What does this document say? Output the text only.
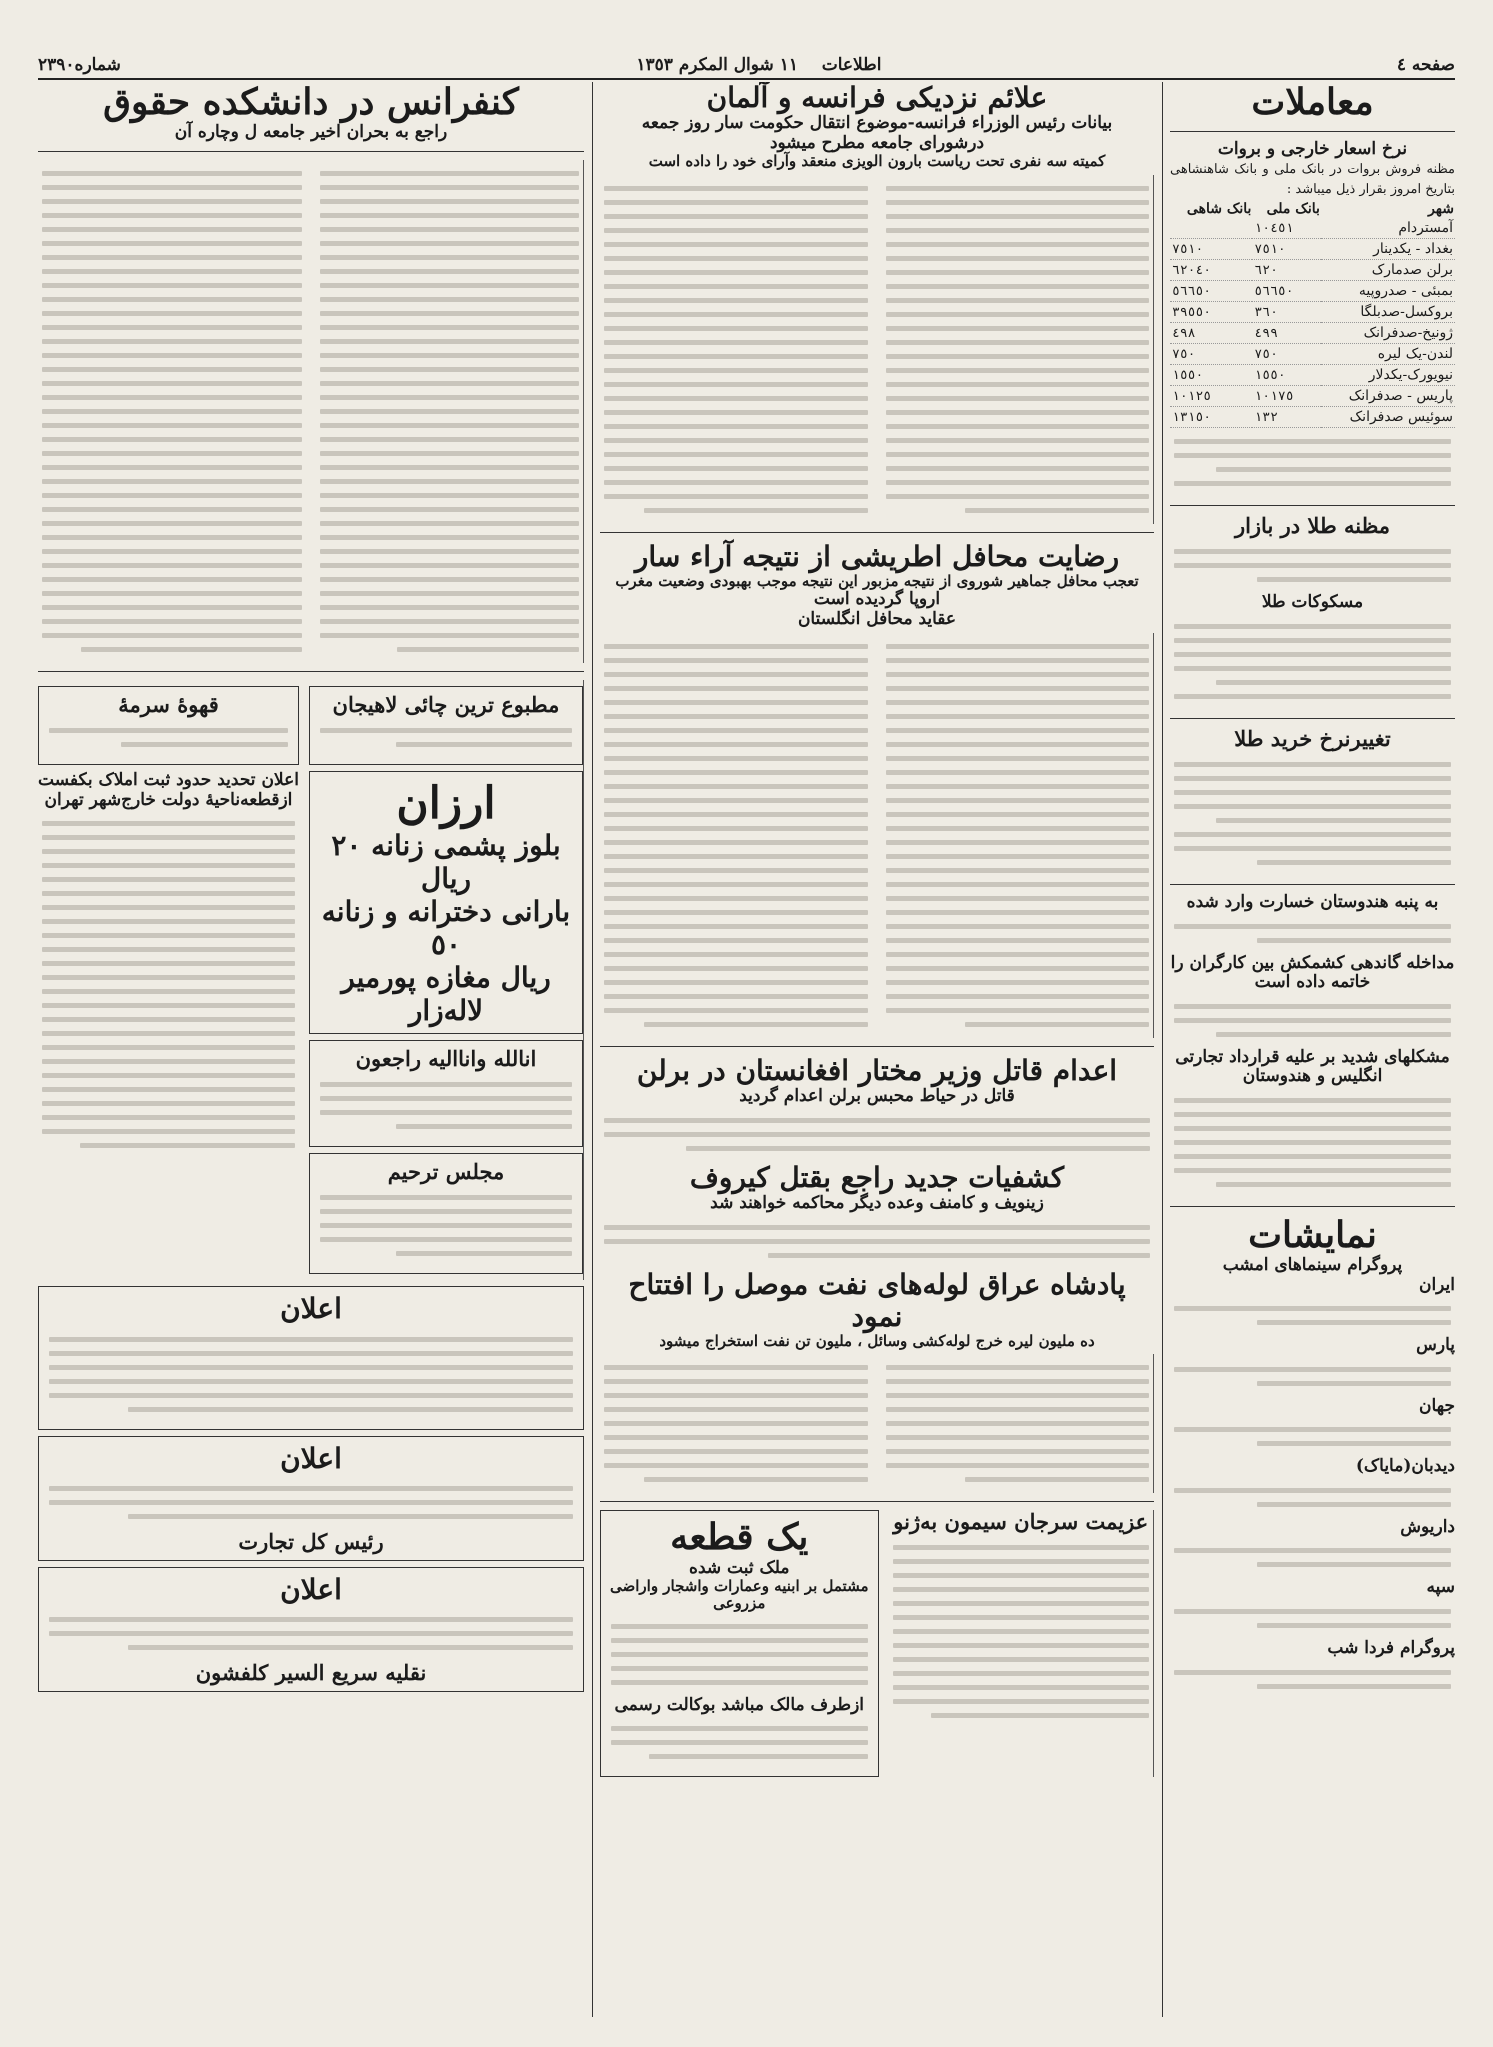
صفحه ٤
اطلاعات    ١١ شوال المکرم ١٣٥٣
شماره٢٣٩٠
معاملات
نرخ اسعار خارجی و بروات
مظنه فروش بروات در بانک ملی و بانک شاهنشاهی بتاریخ امروز بقرار ذیل میباشد :
شهر	بانک ملی	بانک شاهی
آمستردام	١٠٤٥١	
بغداد - یکدینار	٧٥١٠	٧٥١٠
برلن صدمارک	٦٢٠	٦٢٠٤٠
بمبئی - صدروپیه	٥٦٦٥٠	٥٦٦٥٠
بروکسل-صدبلگا	٣٦٠	٣٩٥٥٠
ژونیخ-صدفرانک	٤٩٩	٤٩٨
لندن-یک لیره	٧٥٠	٧٥٠
نیویورک-یکدلار	١٥٥٠	١٥٥٠
پاریس - صدفرانک	١٠١٧٥	١٠١٢٥
سوئیس صدفرانک	١٣٢	١٣١٥٠
مظنه طلا در بازار
مسکوکات طلا
تغییرنرخ خرید طلا
به پنبه هندوستان خسارت وارد شده
مداخله گاندهی کشمکش بین کارگران را خاتمه داده است
مشکلهای شدید بر علیه قرارداد تجارتی انگلیس و هندوستان
نمایشات
پروگرام سینماهای امشب
ایران
پارس
جهان
دیدبان(مایاک)
داریوش
سپه
پروگرام فردا شب
علائم نزدیکی فرانسه و آلمان
بیانات رئیس الوزراء فرانسه-موضوع انتقال حکومت سار روز جمعه
درشورای جامعه مطرح میشود
کمیته سه نفری تحت ریاست بارون الویزی منعقد وآرای خود را داده است
رضایت محافل اطریشی از نتیجه آراء سار
تعجب محافل جماهیر شوروی از نتیجه مزبور این نتیجه موجب بهبودی وضعیت مغرب
اروپا گردیده است
عقاید محافل انگلستان
اعدام قاتل وزیر مختار افغانستان در برلن
قاتل در حیاط محبس برلن اعدام گردید
کشفیات جدید راجع بقتل کیروف
زینویف و کامنف وعده دیگر محاکمه خواهند شد
پادشاه عراق لوله‌های نفت موصل را افتتاح نمود
ده ملیون لیره خرج لوله‌کشی وسائل ، ملیون تن نفت استخراج میشود
عزیمت سرجان سیمون به‌ژنو
یک قطعه
ملک ثبت شده
مشتمل بر ابنیه وعمارات واشجار واراضی مزروعی
ازطرف مالک مباشد بوکالت رسمی
کنفرانس در دانشکده حقوق
راجع به بحران اخیر جامعه ‌ل وچاره آن
مطبوع ترین چائی لاهیجان
ارزان
بلوز پشمی زنانه ٢٠ ریال
بارانی دخترانه و زنانه ٥٠
ریال مغازه پورمیر لاله‌زار
انالله وانااليه راجعون
مجلس ترحیم
قهوهٔ سرمهٔ
اعلان تحدید حدود ثبت املاک بکفست
ازقطعه‌ناحیهٔ دولت خارج‌شهر تهران
اعلان
اعلان
رئیس کل تجارت
اعلان
نقلیه سریع السیر کلفشون
